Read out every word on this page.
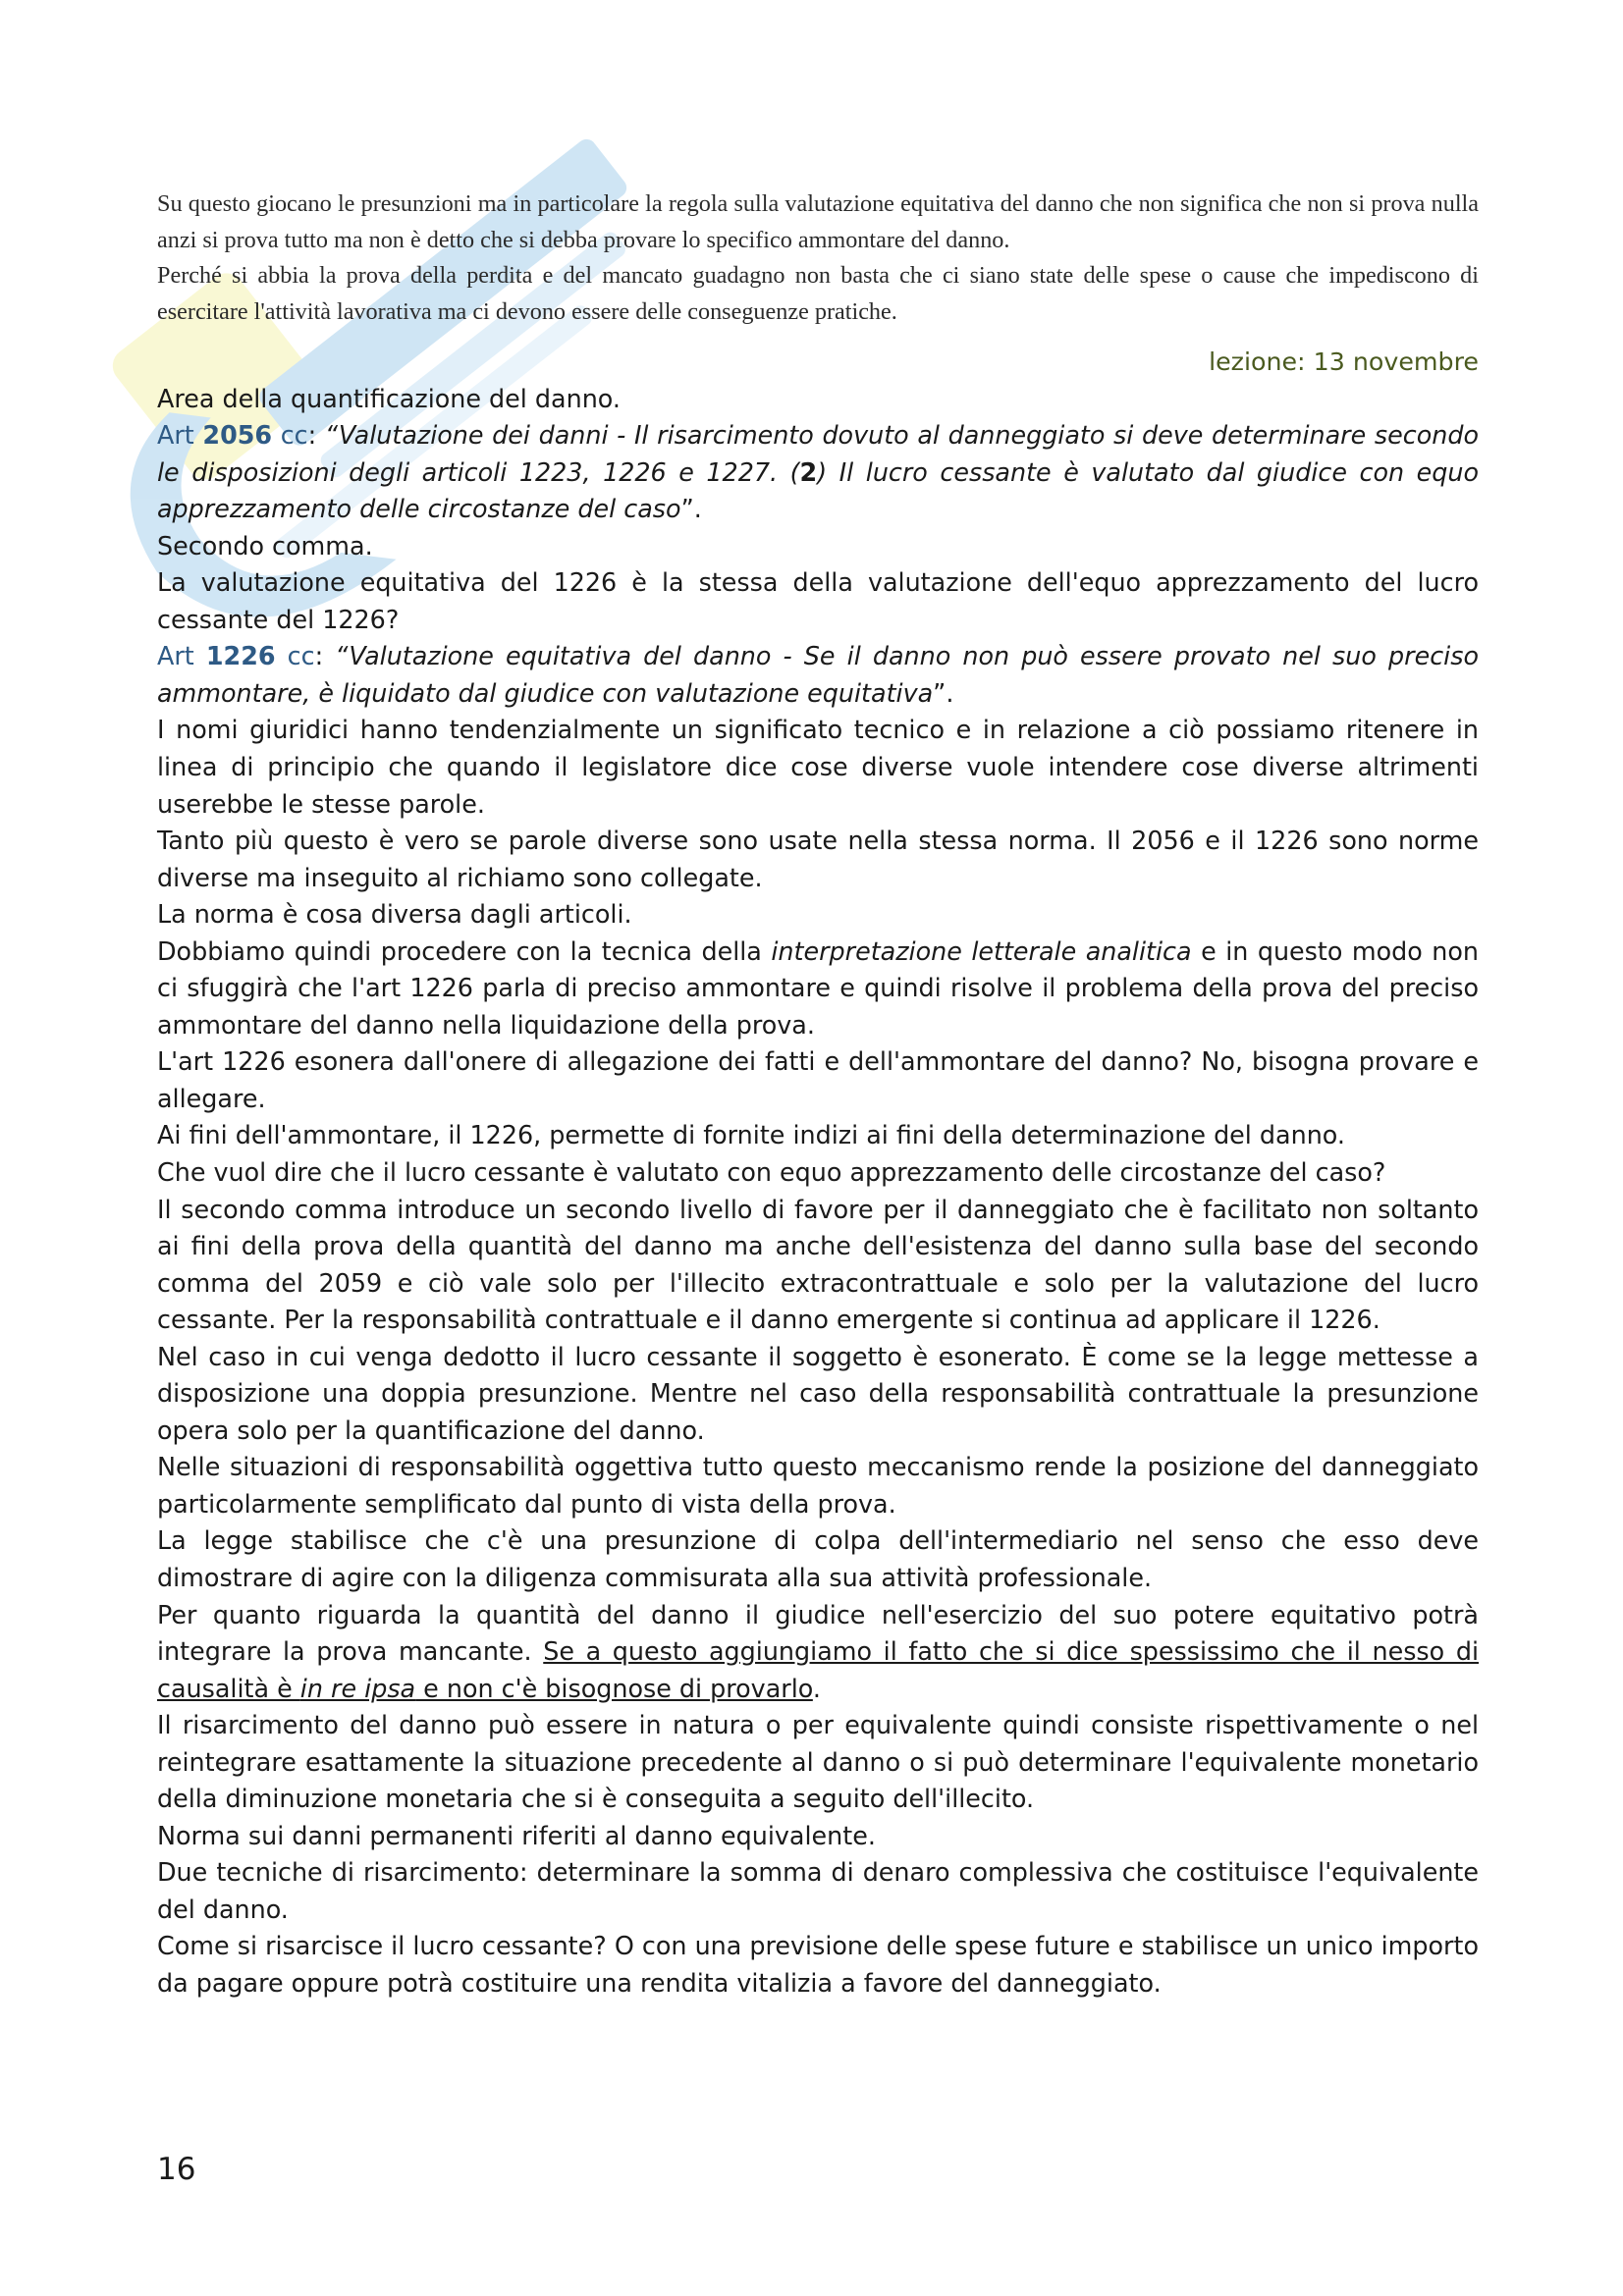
Su questo giocano le presunzioni ma in particolare la regola sulla valutazione equitativa del danno che non significa che non si prova nulla anzi si prova tutto ma non è detto che si debba provare lo specifico ammontare del danno.

Perché si abbia la prova della perdita e del mancato guadagno non basta che ci siano state delle spese o cause che impediscono di esercitare l'attività lavorativa ma ci devono essere delle conseguenze pratiche.

lezione: 13 novembre

Area della quantificazione del danno.

Art 2056 cc: “Valutazione dei danni - Il risarcimento dovuto al danneggiato si deve determinare secondo le disposizioni degli articoli 1223, 1226 e 1227. (2) Il lucro cessante è valutato dal giudice con equo apprezzamento delle circostanze del caso”.

Secondo comma.

La valutazione equitativa del 1226 è la stessa della valutazione dell'equo apprezzamento del lucro cessante del 1226?

Art 1226 cc: “Valutazione equitativa del danno - Se il danno non può essere provato nel suo preciso ammontare, è liquidato dal giudice con valutazione equitativa”.

I nomi giuridici hanno tendenzialmente un significato tecnico e in relazione a ciò possiamo ritenere in linea di principio che quando il legislatore dice cose diverse vuole intendere cose diverse altrimenti userebbe le stesse parole.

Tanto più questo è vero se parole diverse sono usate nella stessa norma. Il 2056 e il 1226 sono norme diverse ma inseguito al richiamo sono collegate.

La norma è cosa diversa dagli articoli.

Dobbiamo quindi procedere con la tecnica della interpretazione letterale analitica e in questo modo non ci sfuggirà che l'art 1226 parla di preciso ammontare e quindi risolve il problema della prova del preciso ammontare del danno nella liquidazione della prova.

L'art 1226 esonera dall'onere di allegazione dei fatti e dell'ammontare del danno? No, bisogna provare e allegare.

Ai fini dell'ammontare, il 1226, permette di fornite indizi ai fini della determinazione del danno.

Che vuol dire che il lucro cessante è valutato con equo apprezzamento delle circostanze del caso?

Il secondo comma introduce un secondo livello di favore per il danneggiato che è facilitato non soltanto ai fini della prova della quantità del danno ma anche dell'esistenza del danno sulla base del secondo comma del 2059 e ciò vale solo per l'illecito extracontrattuale e solo per la valutazione del lucro cessante. Per la responsabilità contrattuale e il danno emergente si continua ad applicare il 1226.

Nel caso in cui venga dedotto il lucro cessante il soggetto è esonerato. È come se la legge mettesse a disposizione una doppia presunzione. Mentre nel caso della responsabilità contrattuale la presunzione opera solo per la quantificazione del danno.

Nelle situazioni di responsabilità oggettiva tutto questo meccanismo rende la posizione del danneggiato particolarmente semplificato dal punto di vista della prova.

La legge stabilisce che c'è una presunzione di colpa dell'intermediario nel senso che esso deve dimostrare di agire con la diligenza commisurata alla sua attività professionale.

Per quanto riguarda la quantità del danno il giudice nell'esercizio del suo potere equitativo potrà integrare la prova mancante. Se a questo aggiungiamo il fatto che si dice spessissimo che il nesso di causalità è in re ipsa e non c'è bisognose di provarlo.

Il risarcimento del danno può essere in natura o per equivalente quindi consiste rispettivamente o nel reintegrare esattamente la situazione precedente al danno o si può determinare l'equivalente monetario della diminuzione monetaria che si è conseguita a seguito dell'illecito.

Norma sui danni permanenti riferiti al danno equivalente.

Due tecniche di risarcimento: determinare la somma di denaro complessiva che costituisce l'equivalente del danno.

Come si risarcisce il lucro cessante? O con una previsione delle spese future e stabilisce un unico importo da pagare oppure potrà costituire una rendita vitalizia a favore del danneggiato.

16
